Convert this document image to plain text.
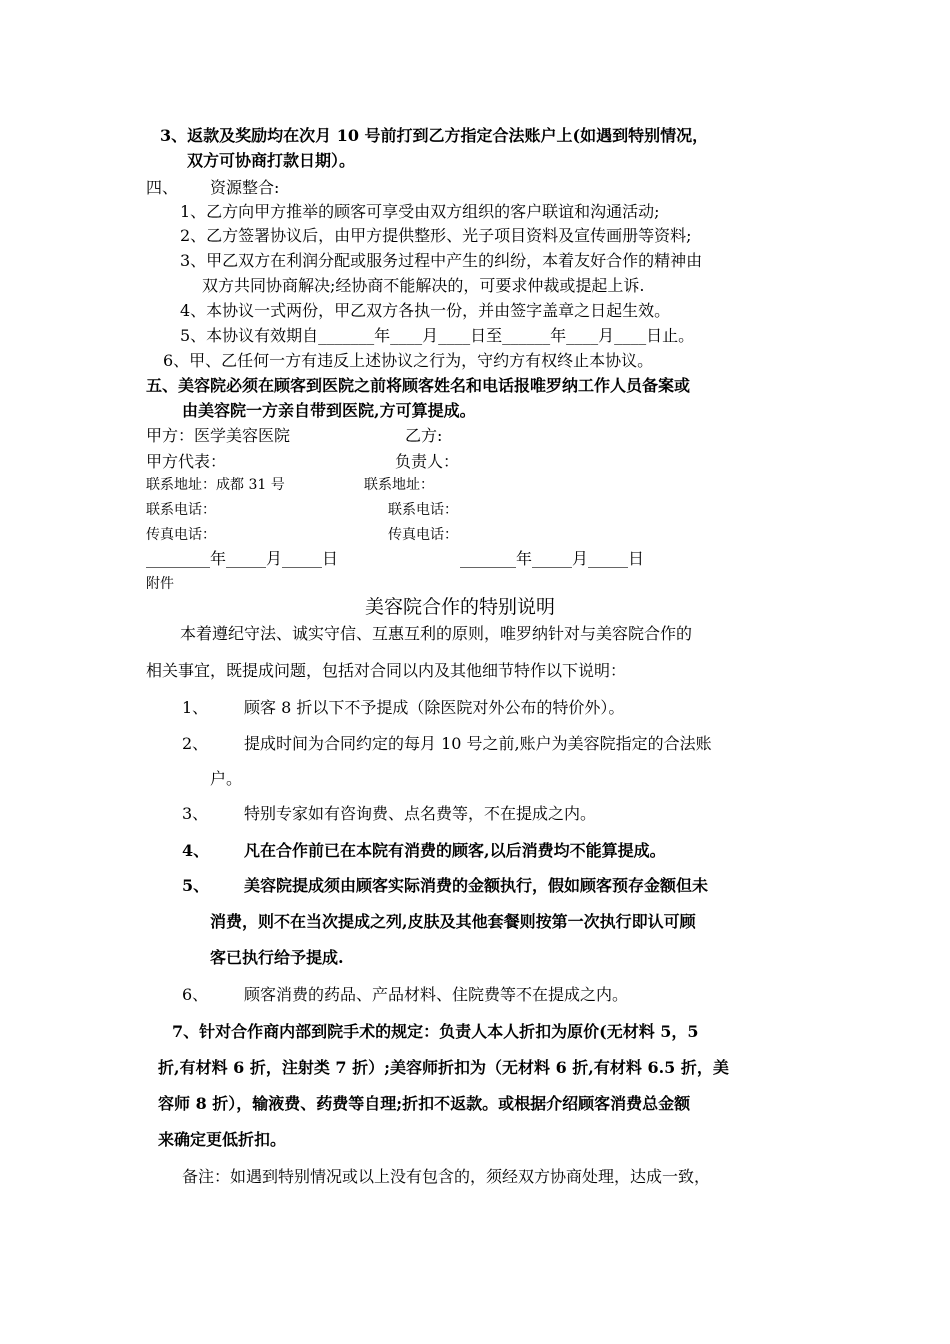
3、返款及奖励均在次月 10 号前打到乙方指定合法账户上(如遇到特别情况，
双方可协商打款日期）。
四、 资源整合:
1、乙方向甲方推举的顾客可享受由双方组织的客户联谊和沟通活动;
2、乙方签署协议后，由甲方提供整形、光子项目资料及宣传画册等资料;
3、甲乙双方在利润分配或服务过程中产生的纠纷，本着友好合作的精神由
双方共同协商解决;经协商不能解决的，可要求仲裁或提起上诉.
4、本协议一式两份，甲乙双方各执一份，并由签字盖章之日起生效。
5、本协议有效期自_______年____月____日至______年____月____日止。
6、甲、乙任何一方有违反上述协议之行为，守约方有权终止本协议。
五、美容院必须在顾客到医院之前将顾客姓名和电话报唯罗纳工作人员备案或
由美容院一方亲自带到医院,方可算提成。
甲方：医学美容医院	乙方:
甲方代表：	负责人：
联系地址：成都 31 号	联系地址：
联系电话：	联系电话：
传真电话：	传真电话：
________年_____月_____日	_______年_____月_____日
附件
美容院合作的特别说明
本着遵纪守法、诚实守信、互惠互利的原则，唯罗纳针对与美容院合作的
相关事宜，既提成问题，包括对合同以内及其他细节特作以下说明：
1、 顾客 8 折以下不予提成（除医院对外公布的特价外）。
2、 提成时间为合同约定的每月 10 号之前,账户为美容院指定的合法账
户。
3、 特别专家如有咨询费、点名费等，不在提成之内。
4、 凡在合作前已在本院有消费的顾客,以后消费均不能算提成。
5、 美容院提成须由顾客实际消费的金额执行，假如顾客预存金额但未
消费，则不在当次提成之列,皮肤及其他套餐则按第一次执行即认可顾
客已执行给予提成.
6、 顾客消费的药品、产品材料、住院费等不在提成之内。
7、针对合作商内部到院手术的规定：负责人本人折扣为原价(无材料 5，5
折,有材料 6 折，注射类 7 折）;美容师折扣为（无材料 6 折,有材料 6.5 折，美
容师 8 折），输液费、药费等自理;折扣不返款。或根据介绍顾客消费总金额
来确定更低折扣。
备注：如遇到特别情况或以上没有包含的，须经双方协商处理，达成一致，
